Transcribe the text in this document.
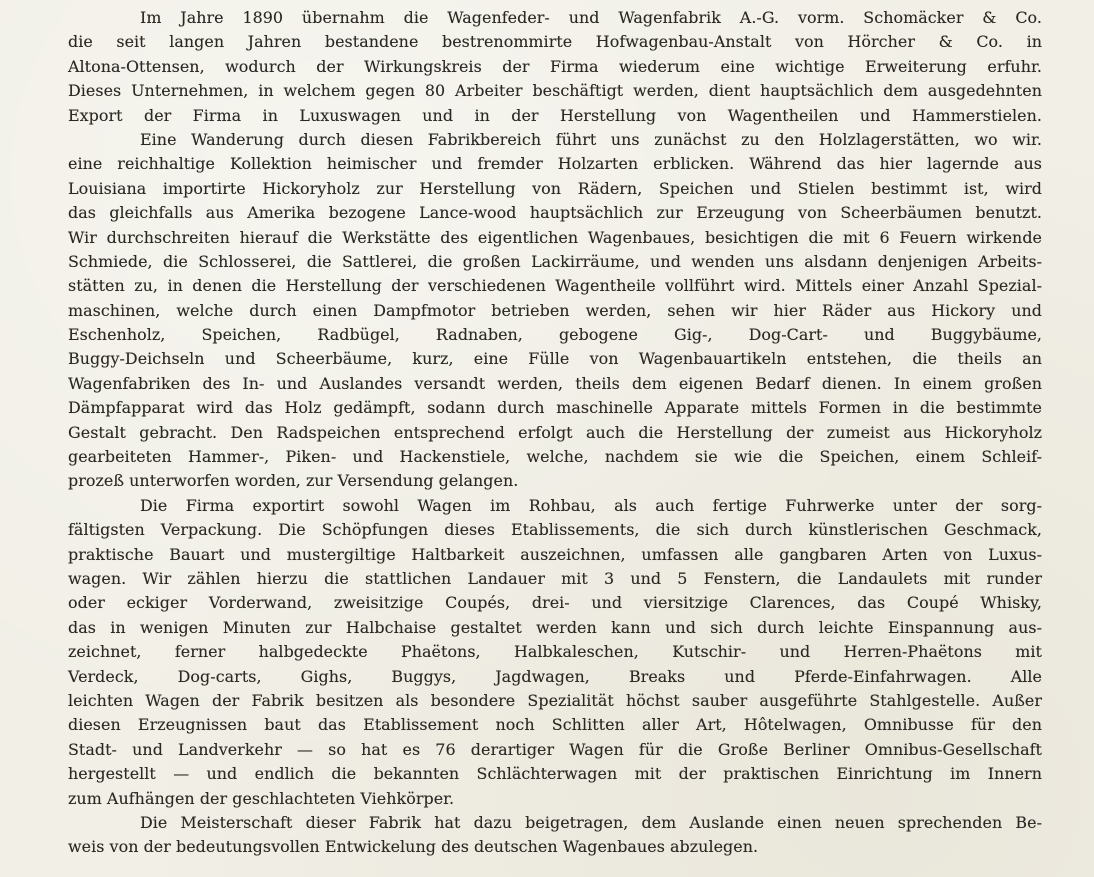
Im Jahre 1890 übernahm die Wagenfeder- und Wagenfabrik A.-G. vorm. Schomäcker & Co.
die seit langen Jahren bestandene bestrenommirte Hofwagenbau-Anstalt von Hörcher & Co. in
Altona-Ottensen, wodurch der Wirkungskreis der Firma wiederum eine wichtige Erweiterung erfuhr.
Dieses Unternehmen, in welchem gegen 80 Arbeiter beschäftigt werden, dient hauptsächlich dem ausgedehnten
Export der Firma in Luxuswagen und in der Herstellung von Wagentheilen und Hammerstielen.
Eine Wanderung durch diesen Fabrikbereich führt uns zunächst zu den Holzlagerstätten, wo wir.
eine reichhaltige Kollektion heimischer und fremder Holzarten erblicken. Während das hier lagernde aus
Louisiana importirte Hickoryholz zur Herstellung von Rädern, Speichen und Stielen bestimmt ist, wird
das gleichfalls aus Amerika bezogene Lance-wood hauptsächlich zur Erzeugung von Scheerbäumen benutzt.
Wir durchschreiten hierauf die Werkstätte des eigentlichen Wagenbaues, besichtigen die mit 6 Feuern wirkende
Schmiede, die Schlosserei, die Sattlerei, die großen Lackirräume, und wenden uns alsdann denjenigen Arbeits-
stätten zu, in denen die Herstellung der verschiedenen Wagentheile vollführt wird. Mittels einer Anzahl Spezial-
maschinen, welche durch einen Dampfmotor betrieben werden, sehen wir hier Räder aus Hickory und
Eschenholz, Speichen, Radbügel, Radnaben, gebogene Gig-, Dog-Cart- und Buggybäume,
Buggy-Deichseln und Scheerbäume, kurz, eine Fülle von Wagenbauartikeln entstehen, die theils an
Wagenfabriken des In- und Auslandes versandt werden, theils dem eigenen Bedarf dienen. In einem großen
Dämpfapparat wird das Holz gedämpft, sodann durch maschinelle Apparate mittels Formen in die bestimmte
Gestalt gebracht. Den Radspeichen entsprechend erfolgt auch die Herstellung der zumeist aus Hickoryholz
gearbeiteten Hammer-, Piken- und Hackenstiele, welche, nachdem sie wie die Speichen, einem Schleif-
prozeß unterworfen worden, zur Versendung gelangen.
Die Firma exportirt sowohl Wagen im Rohbau, als auch fertige Fuhrwerke unter der sorg-
fältigsten Verpackung. Die Schöpfungen dieses Etablissements, die sich durch künstlerischen Geschmack,
praktische Bauart und mustergiltige Haltbarkeit auszeichnen, umfassen alle gangbaren Arten von Luxus-
wagen. Wir zählen hierzu die stattlichen Landauer mit 3 und 5 Fenstern, die Landaulets mit runder
oder eckiger Vorderwand, zweisitzige Coupés, drei- und viersitzige Clarences, das Coupé Whisky,
das in wenigen Minuten zur Halbchaise gestaltet werden kann und sich durch leichte Einspannung aus-
zeichnet, ferner halbgedeckte Phaëtons, Halbkaleschen, Kutschir- und Herren-Phaëtons mit
Verdeck, Dog-carts, Gighs, Buggys, Jagdwagen, Breaks und Pferde-Einfahrwagen. Alle
leichten Wagen der Fabrik besitzen als besondere Spezialität höchst sauber ausgeführte Stahlgestelle. Außer
diesen Erzeugnissen baut das Etablissement noch Schlitten aller Art, Hôtelwagen, Omnibusse für den
Stadt- und Landverkehr — so hat es 76 derartiger Wagen für die Große Berliner Omnibus-Gesellschaft
hergestellt — und endlich die bekannten Schlächterwagen mit der praktischen Einrichtung im Innern
zum Aufhängen der geschlachteten Viehkörper.
Die Meisterschaft dieser Fabrik hat dazu beigetragen, dem Auslande einen neuen sprechenden Be-
weis von der bedeutungsvollen Entwickelung des deutschen Wagenbaues abzulegen.
